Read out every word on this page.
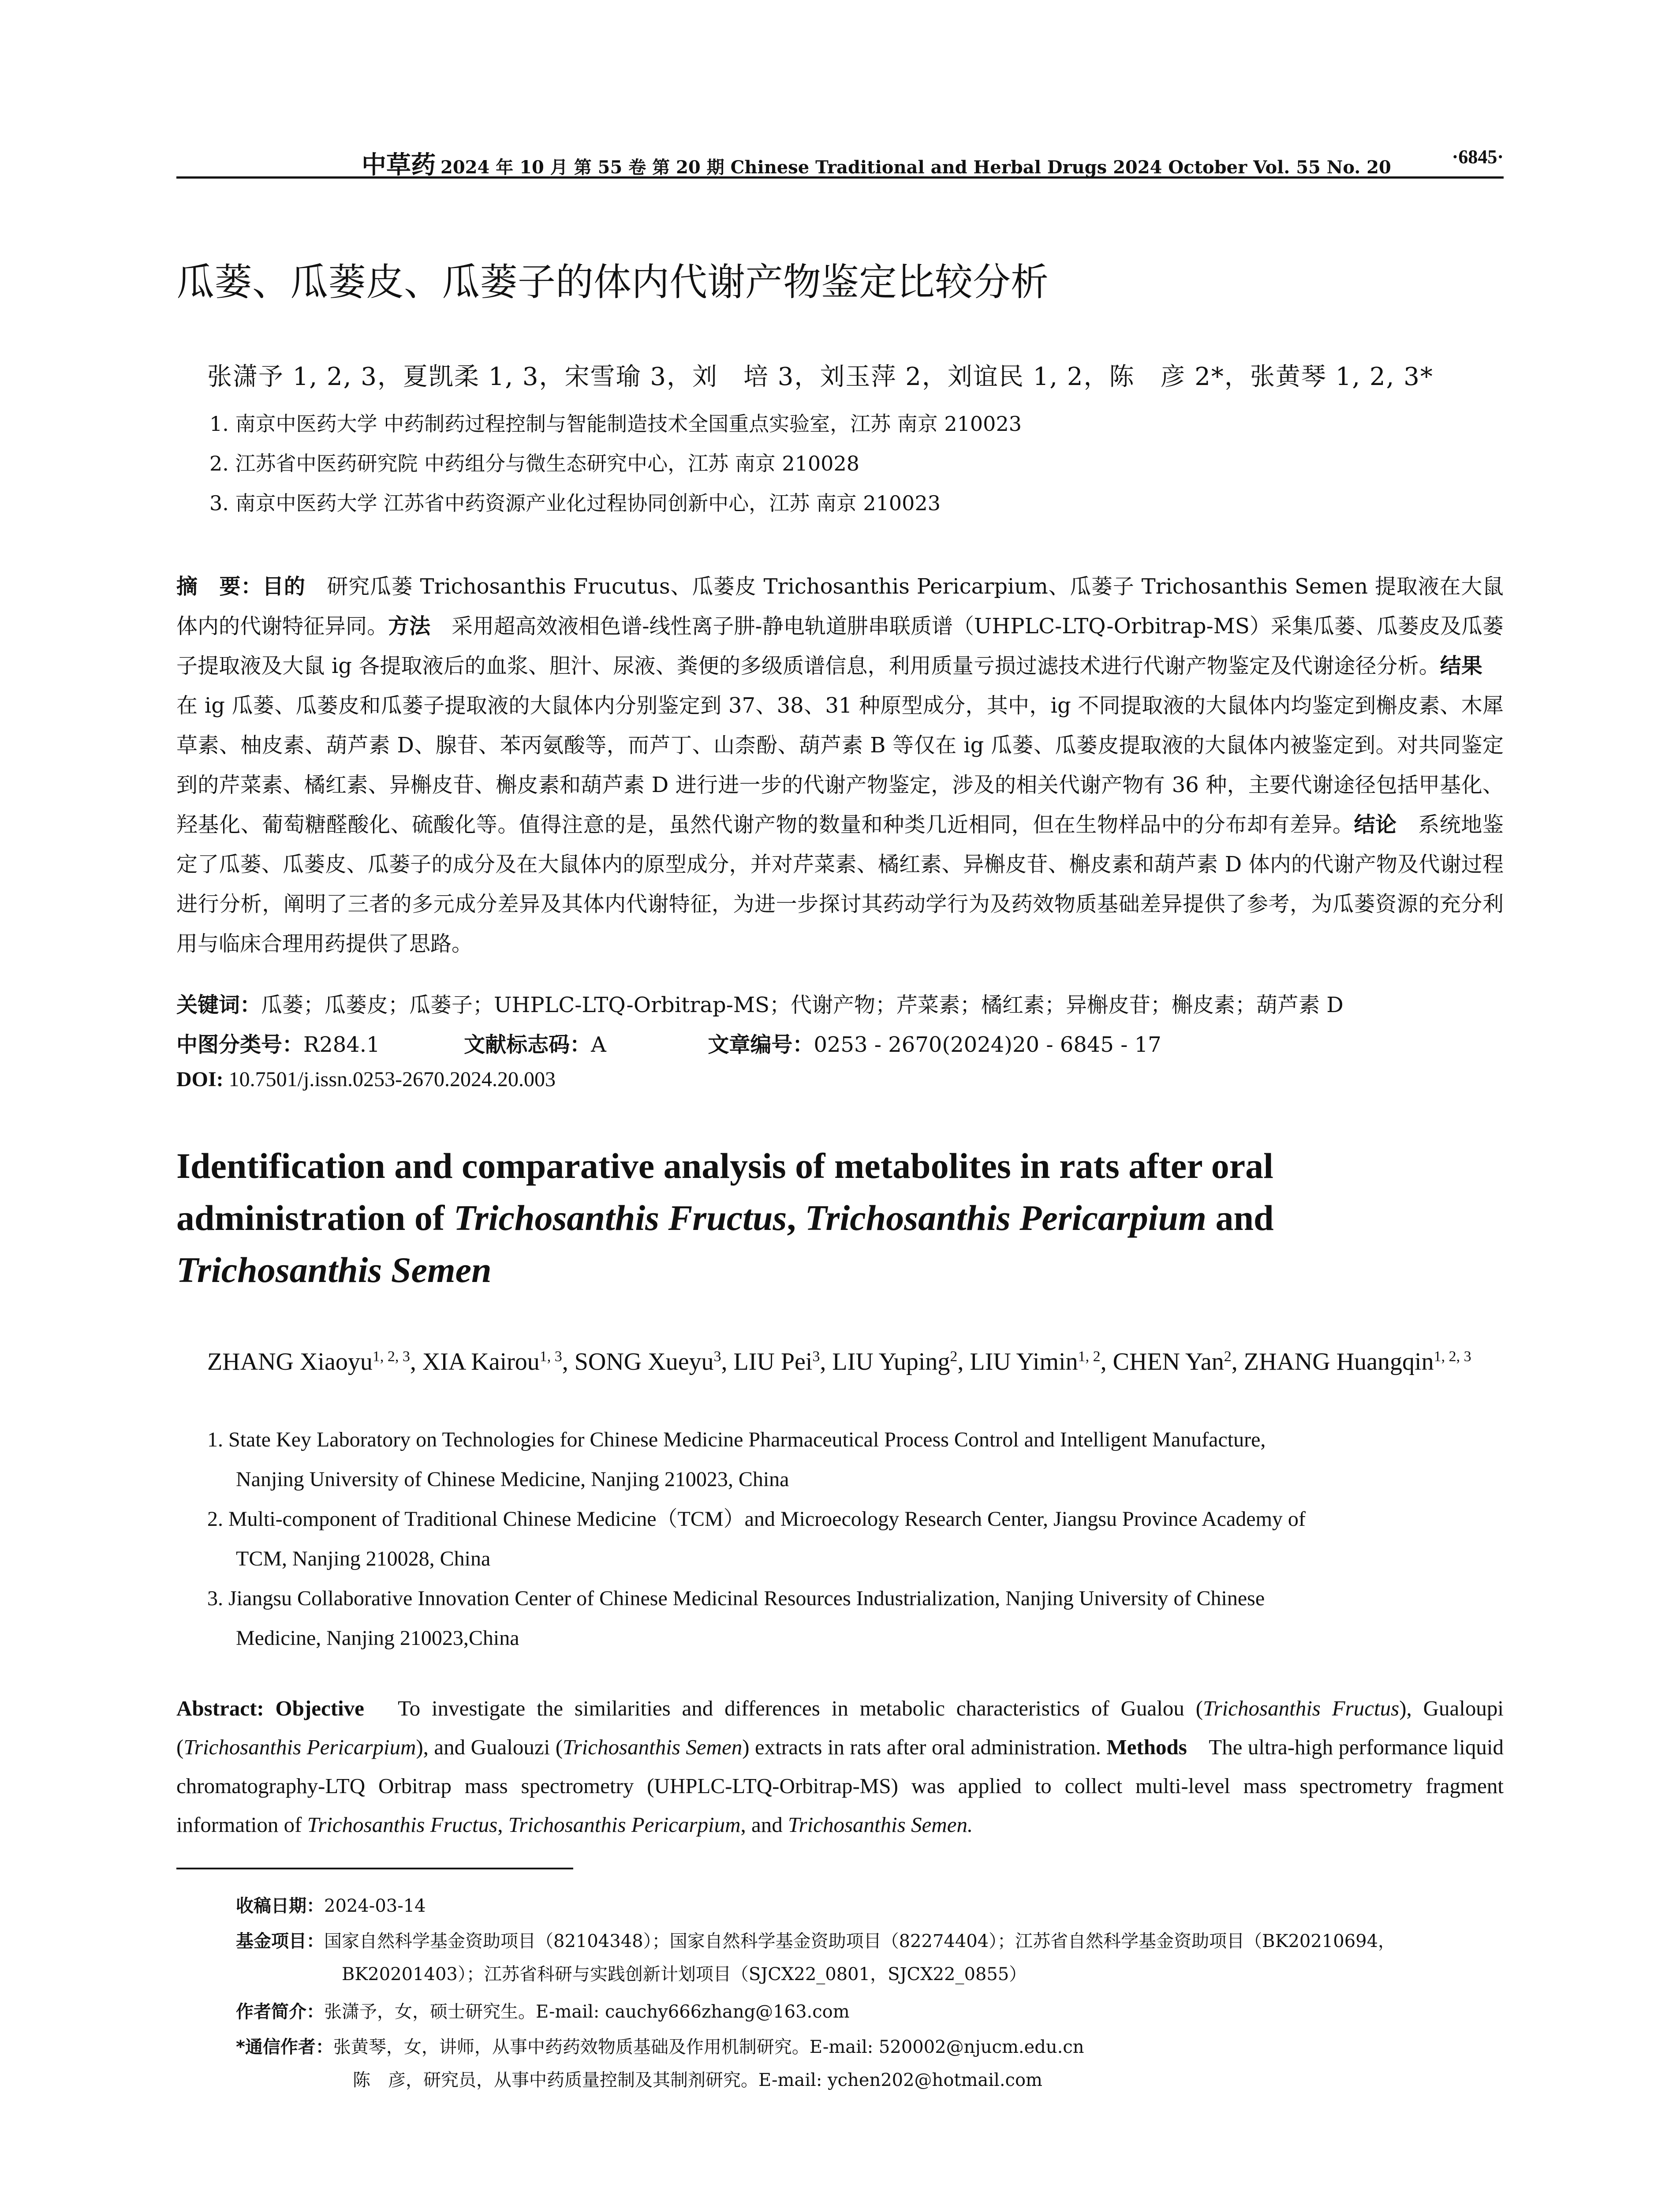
中草药 2024 年 10 月 第 55 卷 第 20 期 Chinese Traditional and Herbal Drugs 2024 October Vol. 55 No. 20	·6845·
瓜蒌、瓜蒌皮、瓜蒌子的体内代谢产物鉴定比较分析
张潇予 1, 2, 3，夏凯柔 1, 3，宋雪瑜 3，刘　培 3，刘玉萍 2，刘谊民 1, 2，陈　彦 2*，张黄琴 1, 2, 3*
1. 南京中医药大学 中药制药过程控制与智能制造技术全国重点实验室，江苏 南京 210023
2. 江苏省中医药研究院 中药组分与微生态研究中心，江苏 南京 210028
3. 南京中医药大学 江苏省中药资源产业化过程协同创新中心，江苏 南京 210023
摘　要：目的　研究瓜蒌 Trichosanthis Frucutus、瓜蒌皮 Trichosanthis Pericarpium、瓜蒌子 Trichosanthis Semen 提取液在大鼠体内的代谢特征异同。方法　采用超高效液相色谱-线性离子肼-静电轨道肼串联质谱（UHPLC-LTQ-Orbitrap-MS）采集瓜蒌、瓜蒌皮及瓜蒌子提取液及大鼠 ig 各提取液后的血浆、胆汁、尿液、粪便的多级质谱信息，利用质量亏损过滤技术进行代谢产物鉴定及代谢途径分析。结果　在 ig 瓜蒌、瓜蒌皮和瓜蒌子提取液的大鼠体内分别鉴定到 37、38、31 种原型成分，其中，ig 不同提取液的大鼠体内均鉴定到槲皮素、木犀草素、柚皮素、葫芦素 D、腺苷、苯丙氨酸等，而芦丁、山柰酚、葫芦素 B 等仅在 ig 瓜蒌、瓜蒌皮提取液的大鼠体内被鉴定到。对共同鉴定到的芹菜素、橘红素、异槲皮苷、槲皮素和葫芦素 D 进行进一步的代谢产物鉴定，涉及的相关代谢产物有 36 种，主要代谢途径包括甲基化、羟基化、葡萄糖醛酸化、硫酸化等。值得注意的是，虽然代谢产物的数量和种类几近相同，但在生物样品中的分布却有差异。结论　系统地鉴定了瓜蒌、瓜蒌皮、瓜蒌子的成分及在大鼠体内的原型成分，并对芹菜素、橘红素、异槲皮苷、槲皮素和葫芦素 D 体内的代谢产物及代谢过程进行分析，阐明了三者的多元成分差异及其体内代谢特征，为进一步探讨其药动学行为及药效物质基础差异提供了参考，为瓜蒌资源的充分利用与临床合理用药提供了思路。
关键词：瓜蒌；瓜蒌皮；瓜蒌子；UHPLC-LTQ-Orbitrap-MS；代谢产物；芹菜素；橘红素；异槲皮苷；槲皮素；葫芦素 D
中图分类号：R284.1	文献标志码：A	文章编号：0253 - 2670(2024)20 - 6845 - 17
DOI: 10.7501/j.issn.0253-2670.2024.20.003
Identification and comparative analysis of metabolites in rats after oral administration of Trichosanthis Fructus, Trichosanthis Pericarpium and
Trichosanthis Semen
ZHANG Xiaoyu$^{1, 2, 3}$, XIA Kairou$^{1, 3}$, SONG Xueyu$^3$, LIU Pei$^3$, LIU Yuping$^2$, LIU Yimin$^{1, 2}$, CHEN Yan$^2$, ZHANG Huangqin$^{1, 2, 3}$
1. State Key Laboratory on Technologies for Chinese Medicine Pharmaceutical Process Control and Intelligent Manufacture,
Nanjing University of Chinese Medicine, Nanjing 210023, China
2. Multi-component of Traditional Chinese Medicine（TCM）and Microecology Research Center, Jiangsu Province Academy of
TCM, Nanjing 210028, China
3. Jiangsu Collaborative Innovation Center of Chinese Medicinal Resources Industrialization, Nanjing University of Chinese
Medicine, Nanjing 210023,China
Abstract: Objective　To investigate the similarities and differences in metabolic characteristics of Gualou (Trichosanthis Fructus), Gualoupi (Trichosanthis Pericarpium), and Gualouzi (Trichosanthis Semen) extracts in rats after oral administration. Methods　The ultra-high performance liquid chromatography-LTQ Orbitrap mass spectrometry (UHPLC-LTQ-Orbitrap-MS) was applied to collect multi-level mass spectrometry fragment information of Trichosanthis Fructus, Trichosanthis Pericarpium, and Trichosanthis Semen.
收稿日期：2024-03-14
基金项目：国家自然科学基金资助项目（82104348）；国家自然科学基金资助项目（82274404）；江苏省自然科学基金资助项目（BK20210694，
BK20201403）；江苏省科研与实践创新计划项目（SJCX22_0801，SJCX22_0855）
作者简介：张潇予，女，硕士研究生。E-mail: cauchy666zhang@163.com
*通信作者：张黄琴，女，讲师，从事中药药效物质基础及作用机制研究。E-mail: 520002@njucm.edu.cn
陈　彦，研究员，从事中药质量控制及其制剂研究。E-mail: ychen202@hotmail.com
